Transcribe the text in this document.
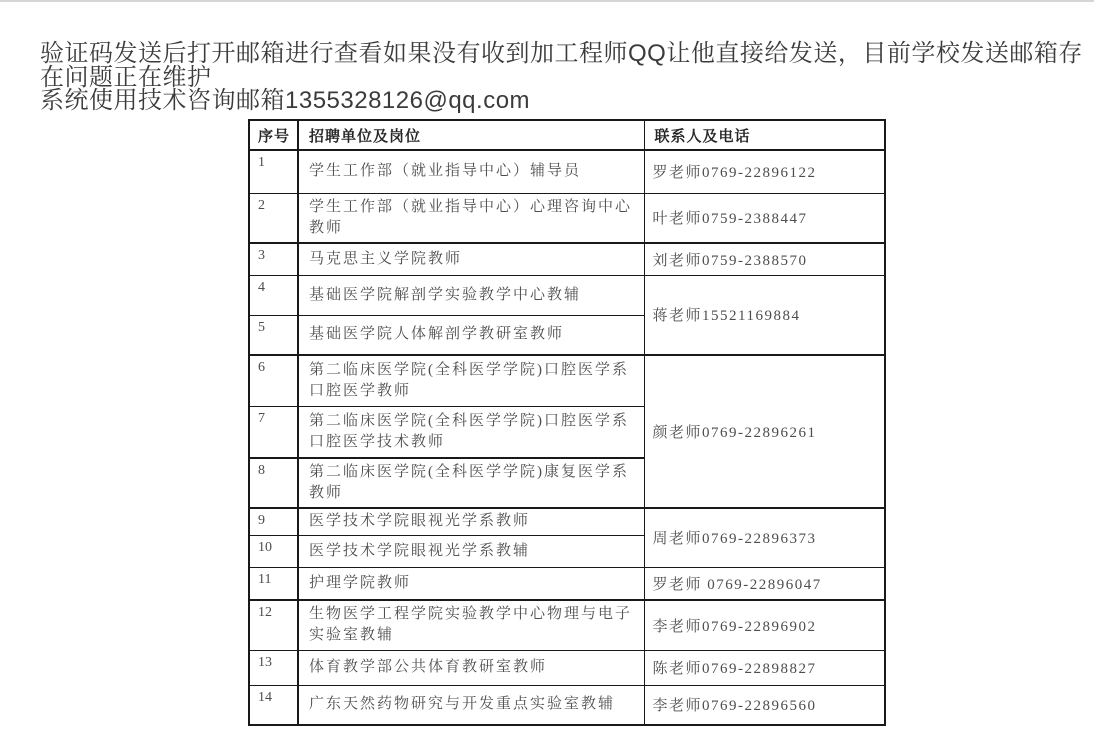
验证码发送后打开邮箱进行查看如果没有收到加工程师QQ让他直接给发送，目前学校发送邮箱存
在问题正在维护
系统使用技术咨询邮箱1355328126@qq.com
序号	招聘单位及岗位	联系人及电话
1	学生工作部（就业指导中心）辅导员	罗老师0769-22896122
2	学生工作部（就业指导中心）心理咨询中心教师	叶老师0759-2388447
3	马克思主义学院教师	刘老师0759-2388570
4	基础医学院解剖学实验教学中心教辅	蒋老师15521169884
5	基础医学院人体解剖学教研室教师	
6	第二临床医学院(全科医学学院)口腔医学系口腔医学教师	颜老师0769-22896261
7	第二临床医学院(全科医学学院)口腔医学系口腔医学技术教师	
8	第二临床医学院(全科医学学院)康复医学系教师	
9	医学技术学院眼视光学系教师	周老师0769-22896373
10	医学技术学院眼视光学系教辅	
11	护理学院教师	罗老师 0769-22896047
12	生物医学工程学院实验教学中心物理与电子实验室教辅	李老师0769-22896902
13	体育教学部公共体育教研室教师	陈老师0769-22898827
14	广东天然药物研究与开发重点实验室教辅	李老师0769-22896560
